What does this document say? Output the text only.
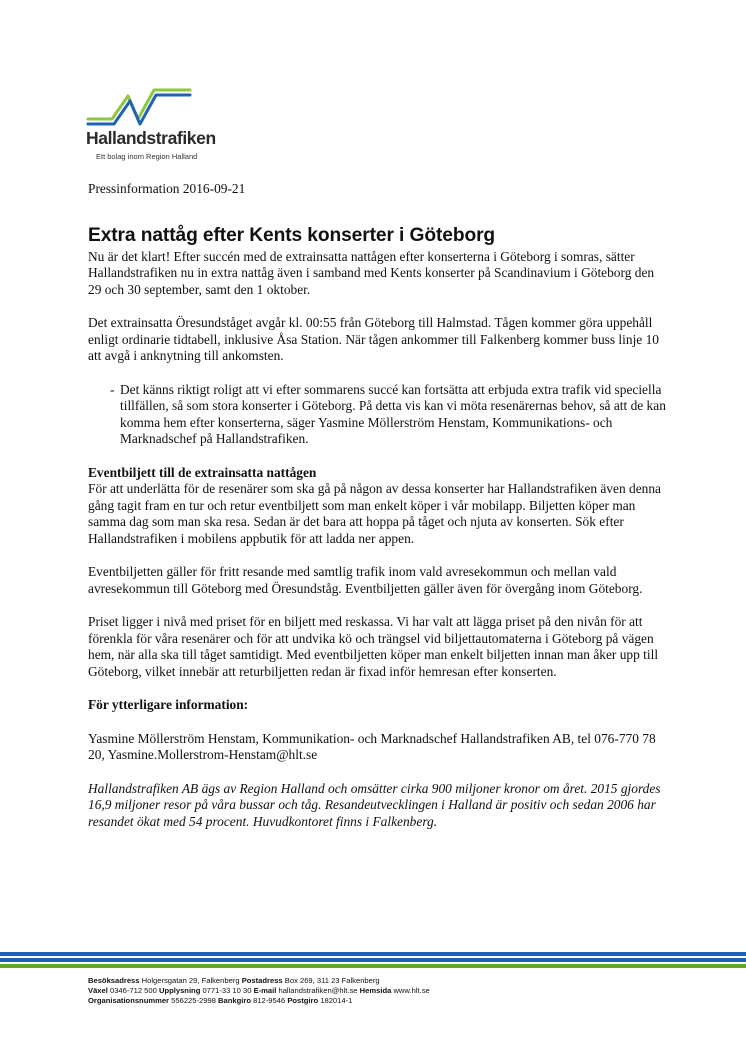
Hallandstrafiken
Ett bolag inom Region Halland
Pressinformation 2016-09-21
Extra nattåg efter Kents konserter i Göteborg

Nu är det klart! Efter succén med de extrainsatta nattågen efter konserterna i Göteborg i somras, sätter Hallandstrafiken nu in extra nattåg även i samband med Kents konserter på Scandinavium i Göteborg den 29 och 30 september, samt den 1 oktober.

Det extrainsatta Öresundståget avgår kl. 00:55 från Göteborg till Halmstad. Tågen kommer göra uppehåll enligt ordinarie tidtabell, inklusive Åsa Station. När tågen ankommer till Falkenberg kommer buss linje 10 att avgå i anknytning till ankomsten.

- Det känns riktigt roligt att vi efter sommarens succé kan fortsätta att erbjuda extra trafik vid speciella tillfällen, så som stora konserter i Göteborg. På detta vis kan vi möta resenärernas behov, så att de kan komma hem efter konserterna, säger Yasmine Möllerström Henstam, Kommunikations- och Marknadschef på Hallandstrafiken.
Eventbiljett till de extrainsatta nattågen

För att underlätta för de resenärer som ska gå på någon av dessa konserter har Hallandstrafiken även denna gång tagit fram en tur och retur eventbiljett som man enkelt köper i vår mobilapp. Biljetten köper man samma dag som man ska resa. Sedan är det bara att hoppa på tåget och njuta av konserten. Sök efter Hallandstrafiken i mobilens appbutik för att ladda ner appen.

Eventbiljetten gäller för fritt resande med samtlig trafik inom vald avresekommun och mellan vald avresekommun till Göteborg med Öresundståg. Eventbiljetten gäller även för övergång inom Göteborg.

Priset ligger i nivå med priset för en biljett med reskassa. Vi har valt att lägga priset på den nivån för att förenkla för våra resenärer och för att undvika kö och trängsel vid biljettautomaterna i Göteborg på vägen hem, när alla ska till tåget samtidigt. Med eventbiljetten köper man enkelt biljetten innan man åker upp till Göteborg, vilket innebär att returbiljetten redan är fixad inför hemresan efter konserten.

För ytterligare information:
Yasmine Möllerström Henstam, Kommunikation- och Marknadschef Hallandstrafiken AB, tel 076-770 78 20, Yasmine.Mollerstrom-Henstam@hlt.se
Hallandstrafiken AB ägs av Region Halland och omsätter cirka 900 miljoner kronor om året. 2015 gjordes 16,9 miljoner resor på våra bussar och tåg. Resandeutvecklingen i Halland är positiv och sedan 2006 har resandet ökat med 54 procent. Huvudkontoret finns i Falkenberg.
Besöksadress Holgersgatan 29, Falkenberg Postadress Box 269, 311 23 Falkenberg
Växel 0346-712 500 Upplysning 0771-33 10 30 E-mail hallandstrafiken@hlt.se Hemsida www.hlt.se
Organisationsnummer 556225-2998 Bankgiro 812-9546 Postgiro 182014-1
